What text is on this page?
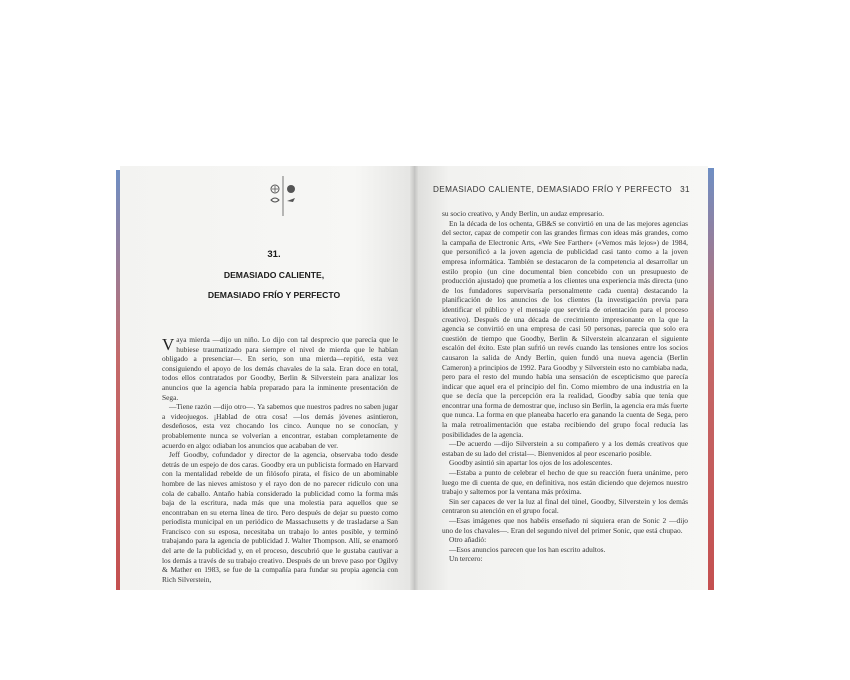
31.
DEMASIADO CALIENTE,
DEMASIADO FRÍO Y PERFECTO

Vaya mierda —dijo un niño. Lo dijo con tal desprecio que parecía que le hubiese traumatizado para siempre el nivel de mierda que le habían obligado a presenciar—. En serio, son una mierda—repitió, esta vez consiguiendo el apoyo de los demás chavales de la sala. Eran doce en total, todos ellos contratados por Goodby, Berlin & Silverstein para analizar los anuncios que la agencia había preparado para la inminente presentación de Sega.

—Tiene razón —dijo otro—. Ya sabemos que nuestros padres no saben jugar a videojuegos. ¡Hablad de otra cosa! —los demás jóvenes asintieron, desdeñosos, esta vez chocando los cinco. Aunque no se conocían, y probablemente nunca se volverían a encontrar, estaban completamente de acuerdo en algo: odiaban los anuncios que acababan de ver.

Jeff Goodby, cofundador y director de la agencia, observaba todo desde detrás de un espejo de dos caras. Goodby era un publicista formado en Harvard con la mentalidad rebelde de un filósofo pirata, el físico de un abominable hombre de las nieves amistoso y el rayo don de no parecer ridículo con una cola de caballo. Antaño había considerado la publicidad como la forma más baja de la escritura, nada más que una molestia para aquellos que se encontraban en su eterna línea de tiro. Pero después de dejar su puesto como periodista municipal en un periódico de Massachusetts y de trasladarse a San Francisco con su esposa, necesitaba un trabajo lo antes posible, y terminó trabajando para la agencia de publicidad J. Walter Thompson. Allí, se enamoró del arte de la publicidad y, en el proceso, descubrió que le gustaba cautivar a los demás a través de su trabajo creativo. Después de un breve paso por Ogilvy & Mather en 1983, se fue de la compañía para fundar su propia agencia con Rich Silverstein,

DEMASIADO CALIENTE, DEMASIADO FRÍO Y PERFECTO 31

su socio creativo, y Andy Berlin, un audaz empresario.

En la década de los ochenta, GB&S se convirtió en una de las mejores agencias del sector, capaz de competir con las grandes firmas con ideas más grandes, como la campaña de Electronic Arts, «We See Farther» («Vemos más lejos») de 1984, que personificó a la joven agencia de publicidad casi tanto como a la joven empresa informática. También se destacaron de la competencia al desarrollar un estilo propio (un cine documental bien concebido con un presupuesto de producción ajustado) que prometía a los clientes una experiencia más directa (uno de los fundadores supervisaría personalmente cada cuenta) destacando la planificación de los anuncios de los clientes (la investigación previa para identificar el público y el mensaje que serviría de orientación para el proceso creativo). Después de una década de crecimiento impresionante en la que la agencia se convirtió en una empresa de casi 50 personas, parecía que solo era cuestión de tiempo que Goodby, Berlin & Silverstein alcanzaran el siguiente escalón del éxito. Este plan sufrió un revés cuando las tensiones entre los socios causaron la salida de Andy Berlin, quien fundó una nueva agencia (Berlin Cameron) a principios de 1992. Para Goodby y Silverstein esto no cambiaba nada, pero para el resto del mundo había una sensación de escepticismo que parecía indicar que aquel era el principio del fin. Como miembro de una industria en la que se decía que la percepción era la realidad, Goodby sabía que tenía que encontrar una forma de demostrar que, incluso sin Berlin, la agencia era más fuerte que nunca. La forma en que planeaba hacerlo era ganando la cuenta de Sega, pero la mala retroalimentación que estaba recibiendo del grupo focal reducía las posibilidades de la agencia.

—De acuerdo —dijo Silverstein a su compañero y a los demás creativos que estaban de su lado del cristal—. Bienvenidos al peor escenario posible.

Goodby asintió sin apartar los ojos de los adolescentes.

—Estaba a punto de celebrar el hecho de que su reacción fuera unánime, pero luego me di cuenta de que, en definitiva, nos están diciendo que dejemos nuestro trabajo y saltemos por la ventana más próxima.

Sin ser capaces de ver la luz al final del túnel, Goodby, Silverstein y los demás centraron su atención en el grupo focal.

—Esas imágenes que nos habéis enseñado ni siquiera eran de Sonic 2 —dijo uno de los chavales—. Eran del segundo nivel del primer Sonic, que está chupao.

Otro añadió:

—Esos anuncios parecen que los han escrito adultos.

Un tercero:
